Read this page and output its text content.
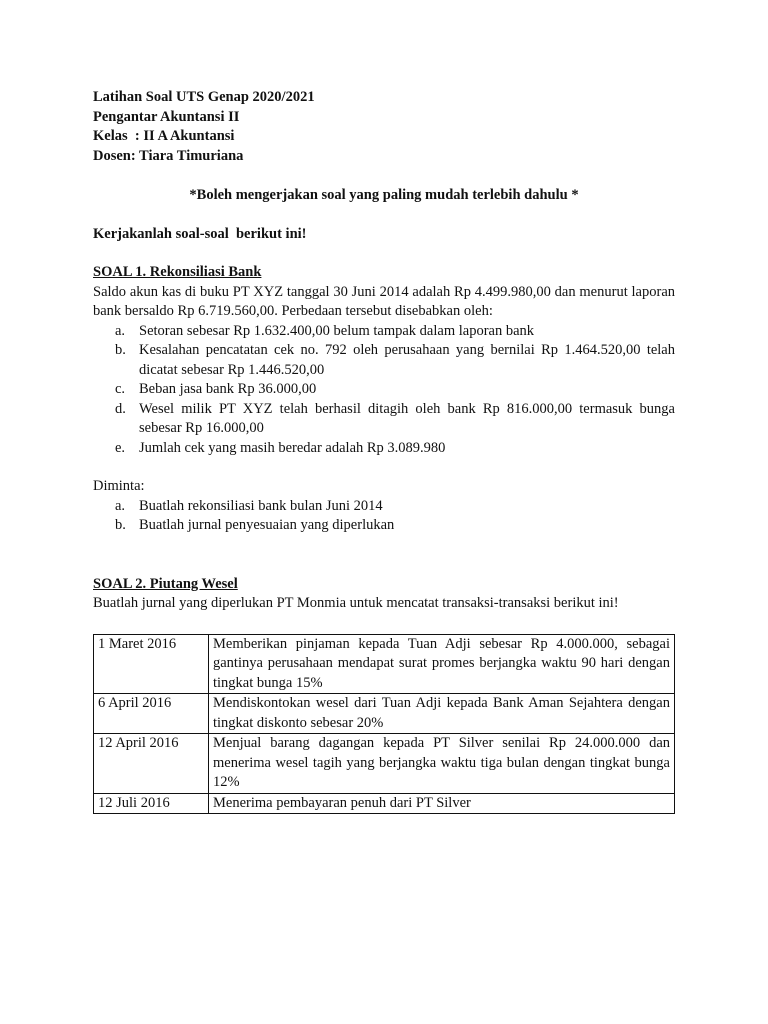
Latihan Soal UTS Genap 2020/2021
Pengantar Akuntansi II
Kelas  : II A Akuntansi
Dosen: Tiara Timuriana
*Boleh mengerjakan soal yang paling mudah terlebih dahulu *
Kerjakanlah soal-soal  berikut ini!
SOAL 1. Rekonsiliasi Bank
Saldo akun kas di buku PT XYZ tanggal 30 Juni 2014 adalah Rp 4.499.980,00 dan menurut laporan bank bersaldo Rp 6.719.560,00. Perbedaan tersebut disebabkan oleh:
a. Setoran sebesar Rp 1.632.400,00 belum tampak dalam laporan bank
b. Kesalahan pencatatan cek no. 792 oleh perusahaan yang bernilai Rp 1.464.520,00 telah dicatat sebesar Rp 1.446.520,00
c. Beban jasa bank Rp 36.000,00
d. Wesel milik PT XYZ telah berhasil ditagih oleh bank Rp 816.000,00 termasuk bunga sebesar Rp 16.000,00
e. Jumlah cek yang masih beredar adalah Rp 3.089.980
Diminta:
a. Buatlah rekonsiliasi bank bulan Juni 2014
b. Buatlah jurnal penyesuaian yang diperlukan
SOAL 2. Piutang Wesel
Buatlah jurnal yang diperlukan PT Monmia untuk mencatat transaksi-transaksi berikut ini!
1 Maret 2016	Memberikan pinjaman kepada Tuan Adji sebesar Rp 4.000.000, sebagai gantinya perusahaan mendapat surat promes berjangka waktu 90 hari dengan tingkat bunga 15%
6 April 2016	Mendiskontokan wesel dari Tuan Adji kepada Bank Aman Sejahtera dengan tingkat diskonto sebesar 20%
12 April 2016	Menjual barang dagangan kepada PT Silver senilai Rp 24.000.000 dan menerima wesel tagih yang berjangka waktu tiga bulan dengan tingkat bunga 12%
12 Juli 2016	Menerima pembayaran penuh dari PT Silver
